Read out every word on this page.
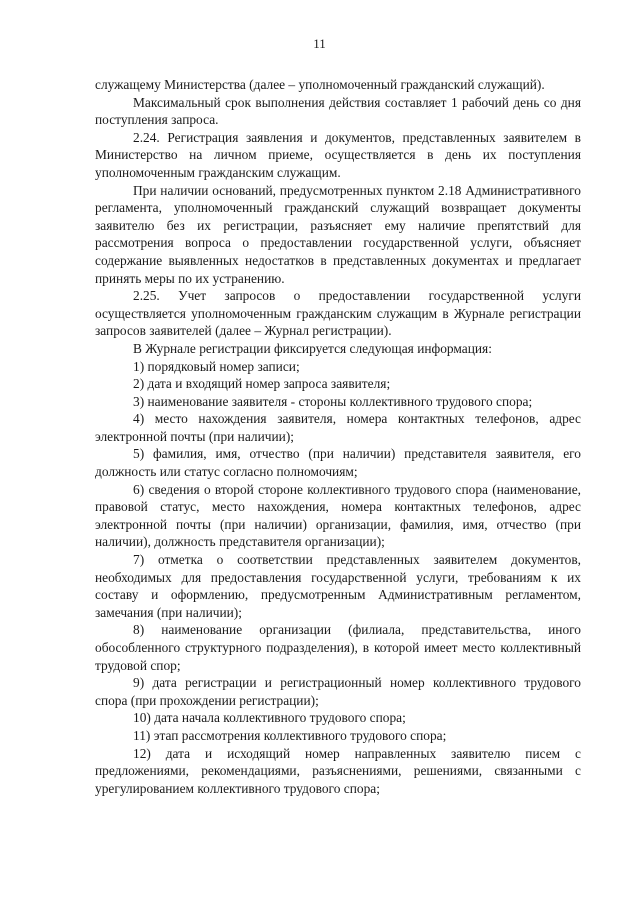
11

служащему Министерства (далее – уполномоченный гражданский служащий).

Максимальный срок выполнения действия составляет 1 рабочий день со дня поступления запроса.

2.24. Регистрация заявления и документов, представленных заявителем в Министерство на личном приеме, осуществляется в день их поступления уполномоченным гражданским служащим.

При наличии оснований, предусмотренных пунктом 2.18 Административного регламента, уполномоченный гражданский служащий возвращает документы заявителю без их регистрации, разъясняет ему наличие препятствий для рассмотрения вопроса о предоставлении государственной услуги, объясняет содержание выявленных недостатков в представленных документах и предлагает принять меры по их устранению.

2.25. Учет запросов о предоставлении государственной услуги осуществляется уполномоченным гражданским служащим в Журнале регистрации запросов заявителей (далее – Журнал регистрации).

В Журнале регистрации фиксируется следующая информация:

1) порядковый номер записи;

2) дата и входящий номер запроса заявителя;

3) наименование заявителя - стороны коллективного трудового спора;

4) место нахождения заявителя, номера контактных телефонов, адрес электронной почты (при наличии);

5) фамилия, имя, отчество (при наличии) представителя заявителя, его должность или статус согласно полномочиям;

6) сведения о второй стороне коллективного трудового спора (наименование, правовой статус, место нахождения, номера контактных телефонов, адрес электронной почты (при наличии) организации, фамилия, имя, отчество (при наличии), должность представителя организации);

7) отметка о соответствии представленных заявителем документов, необходимых для предоставления государственной услуги, требованиям к их составу и оформлению, предусмотренным Административным регламентом, замечания (при наличии);

8) наименование организации (филиала, представительства, иного обособленного структурного подразделения), в которой имеет место коллективный трудовой спор;

9) дата регистрации и регистрационный номер коллективного трудового спора (при прохождении регистрации);

10) дата начала коллективного трудового спора;

11) этап рассмотрения коллективного трудового спора;

12) дата и исходящий номер направленных заявителю писем с предложениями, рекомендациями, разъяснениями, решениями, связанными с урегулированием коллективного трудового спора;
